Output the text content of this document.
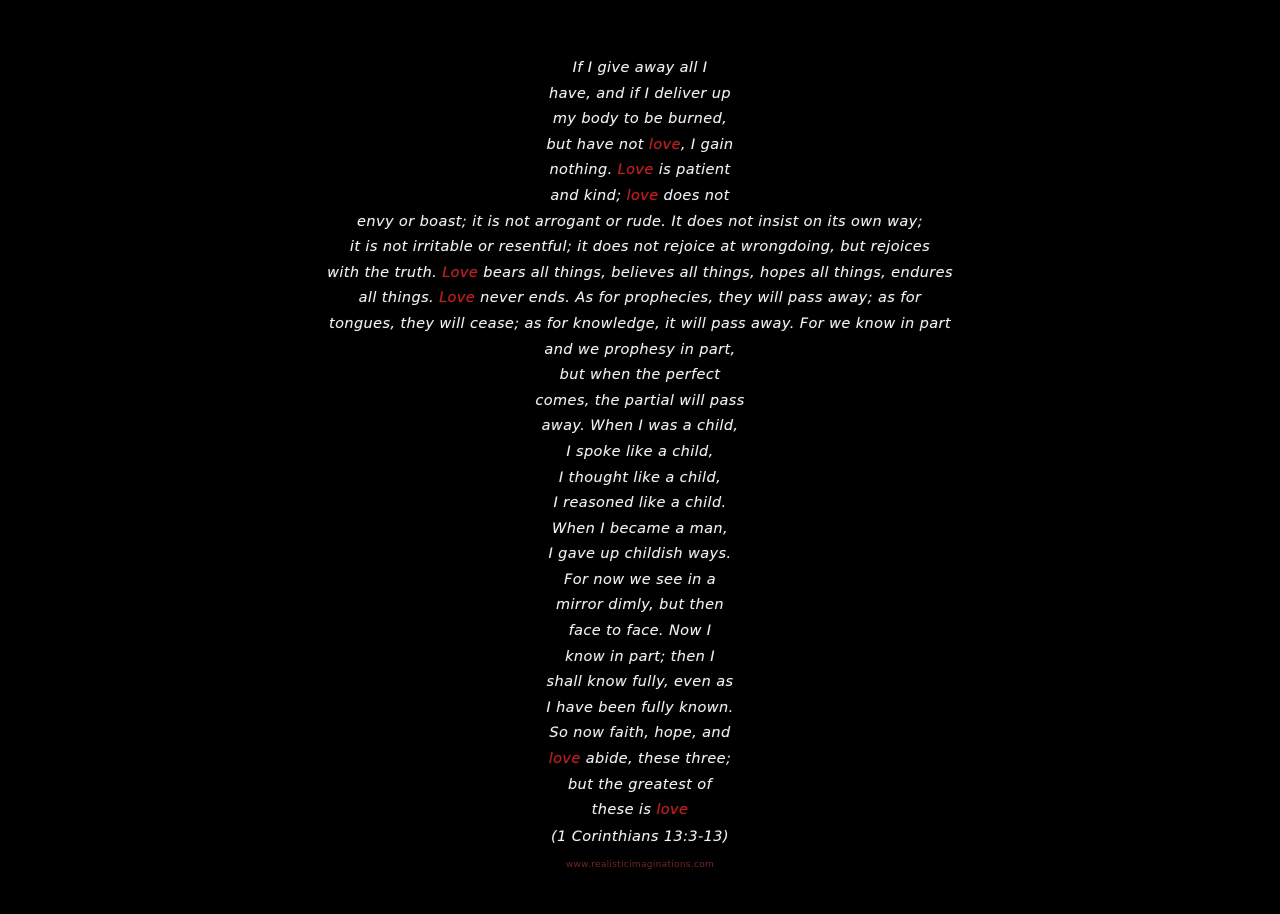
If I give away all I
have, and if I deliver up
my body to be burned,
but have not love, I gain
nothing. Love is patient
and kind; love does not
envy or boast; it is not arrogant or rude. It does not insist on its own way;
it is not irritable or resentful; it does not rejoice at wrongdoing, but rejoices
with the truth. Love bears all things, believes all things, hopes all things, endures
all things. Love never ends. As for prophecies, they will pass away; as for
tongues, they will cease; as for knowledge, it will pass away. For we know in part
and we prophesy in part,
but when the perfect
comes, the partial will pass
away. When I was a child,
I spoke like a child,
I thought like a child,
I reasoned like a child.
When I became a man,
I gave up childish ways.
For now we see in a
mirror dimly, but then
face to face. Now I
know in part; then I
shall know fully, even as
I have been fully known.
So now faith, hope, and
love abide, these three;
but the greatest of
these is love
(1 Corinthians 13:3-13)
www.realisticimaginations.com
